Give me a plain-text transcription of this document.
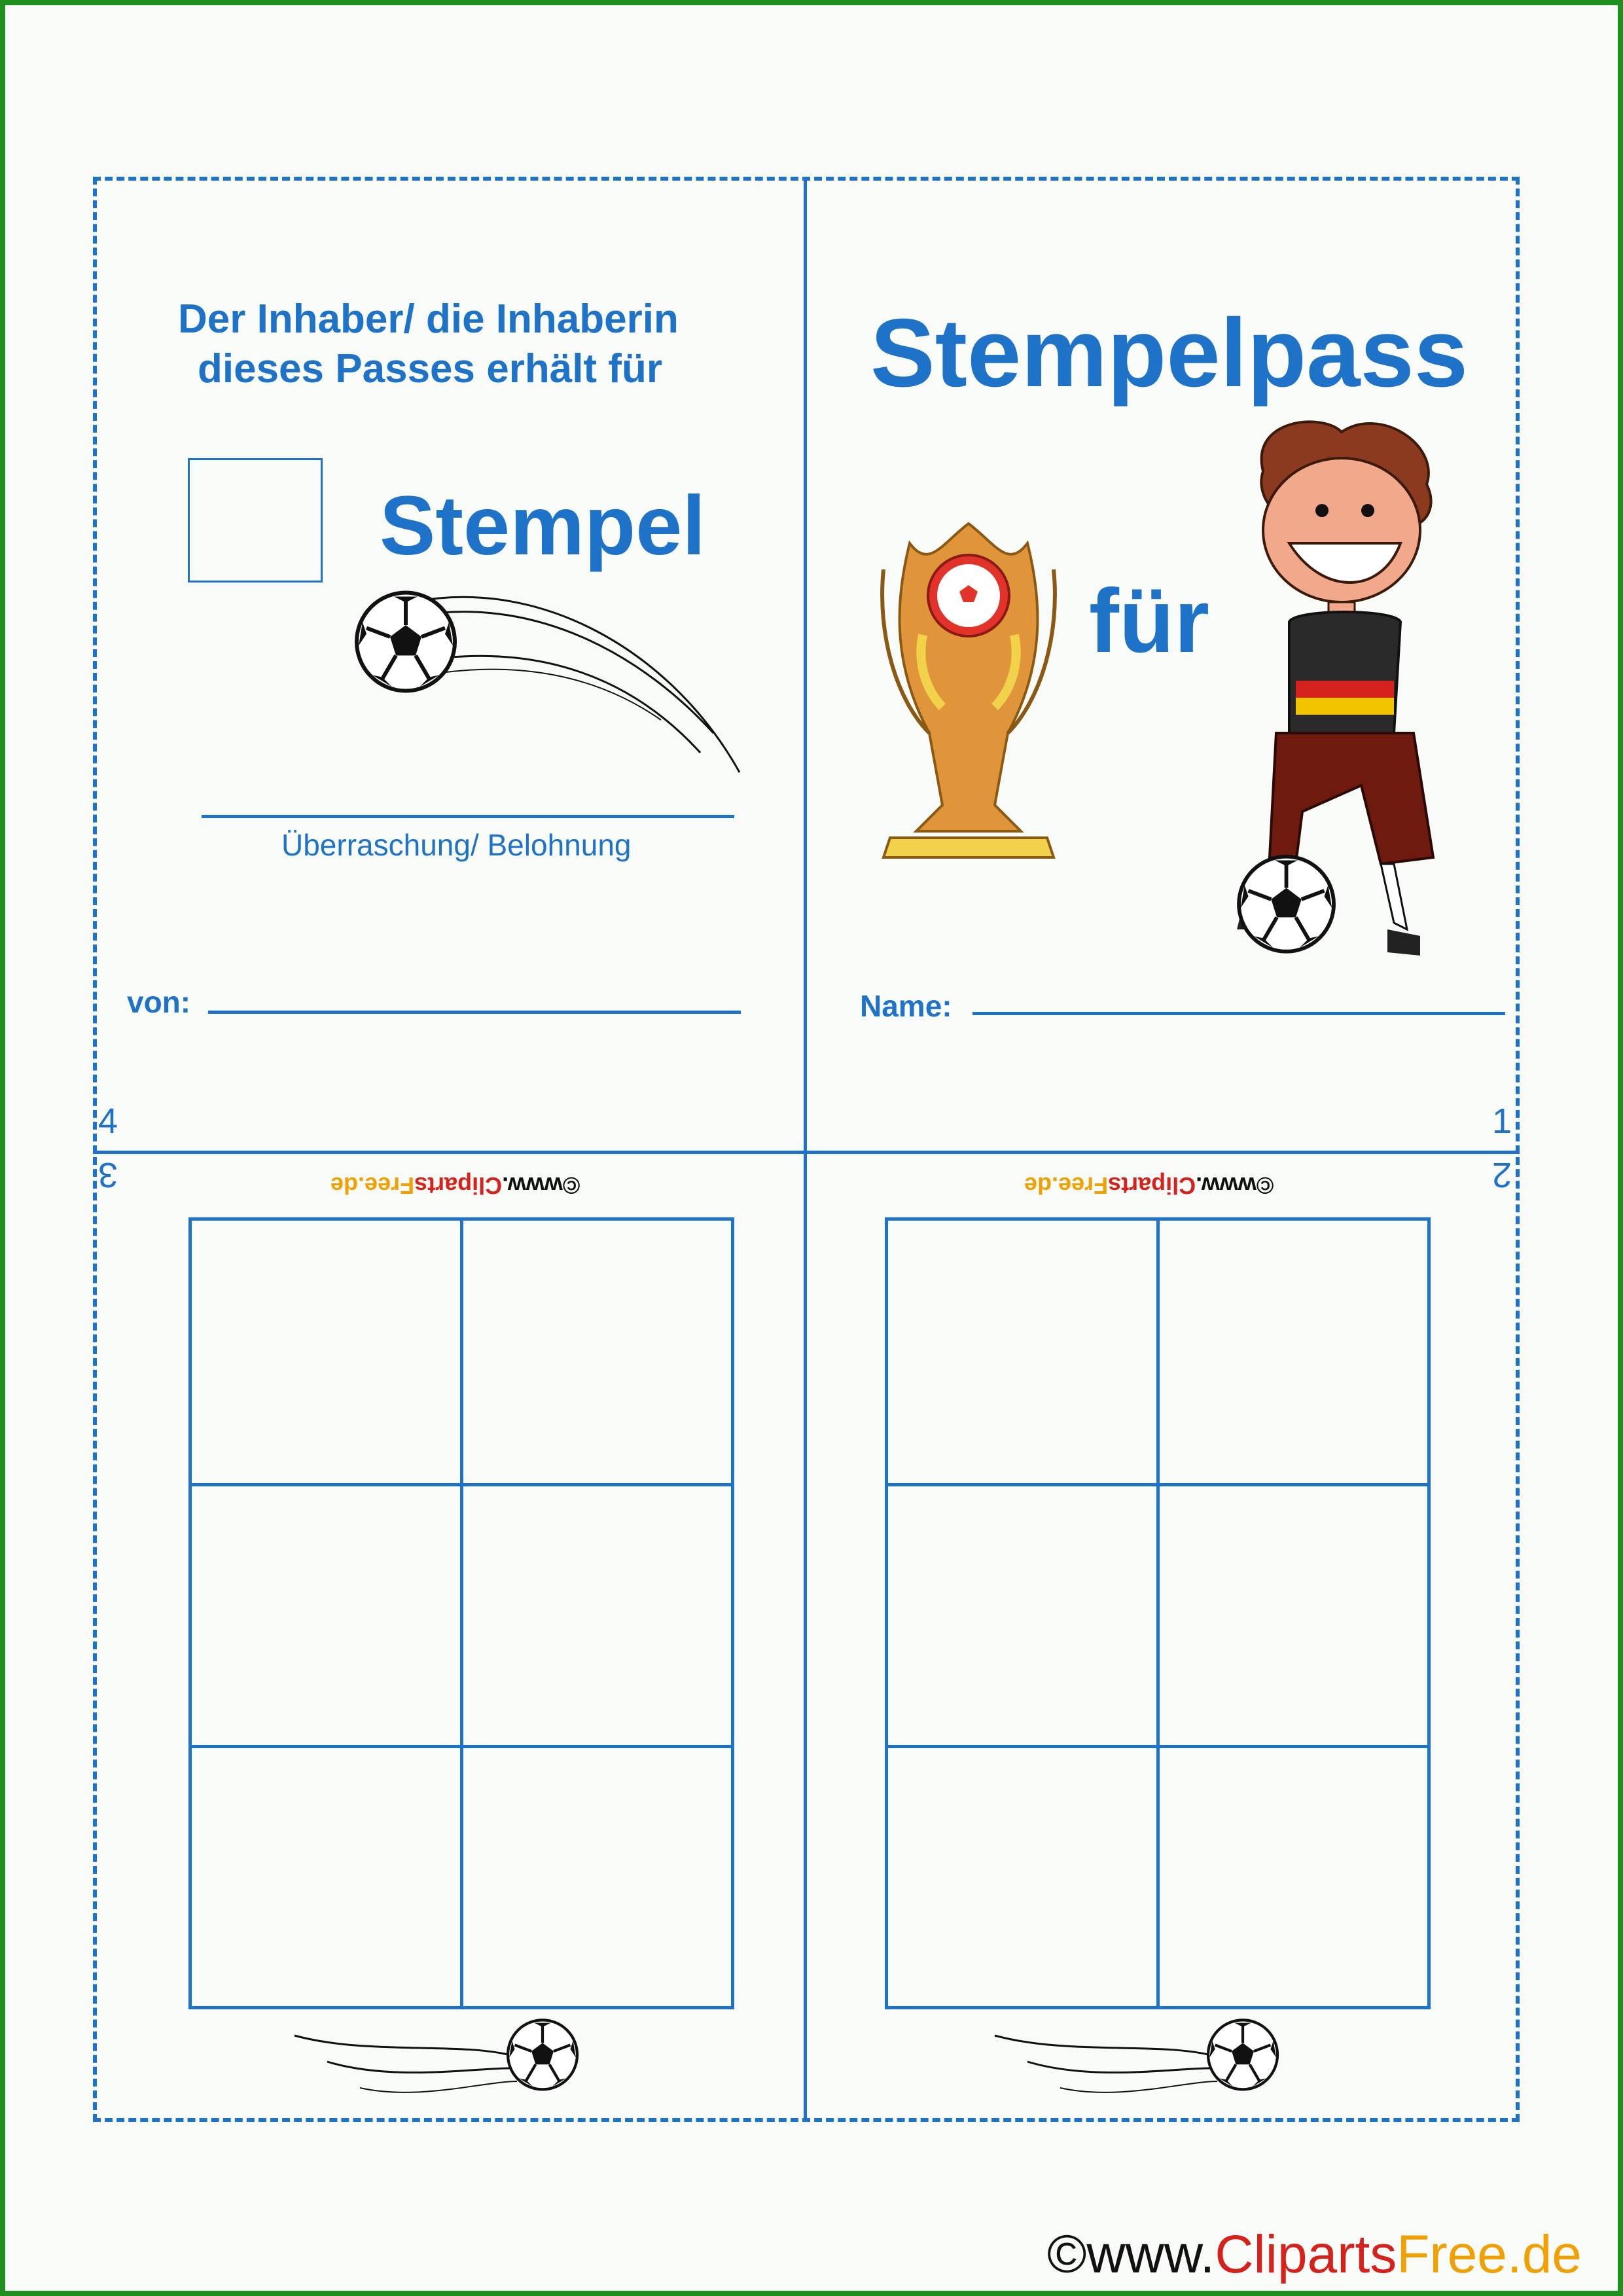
Der Inhaber/ die Inhaberin
dieses Passes erhält für
Stempel
Überraschung/ Belohnung
von:
4
Stempelpass
für
Name:
1
3	©www.ClipartsFree.de	2
©www.ClipartsFree.de
©www.ClipartsFree.de
